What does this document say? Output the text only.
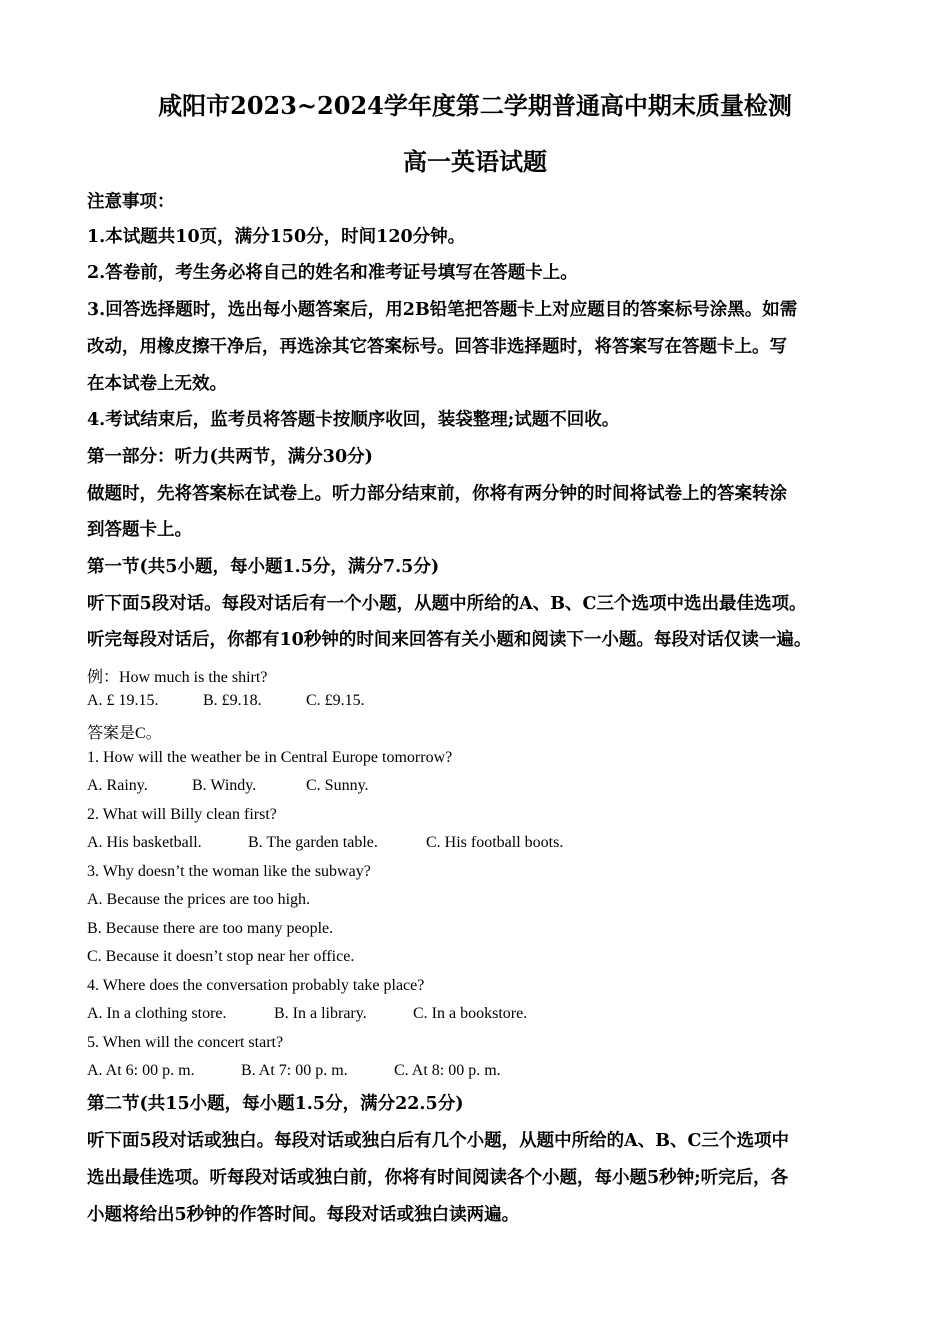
咸阳市2023~2024学年度第二学期普通高中期末质量检测
高一英语试题
注意事项：
1.本试题共10页，满分150分，时间120分钟。
2.答卷前，考生务必将自己的姓名和准考证号填写在答题卡上。
3.回答选择题时，选出每小题答案后，用2B铅笔把答题卡上对应题目的答案标号涂黑。如需
改动，用橡皮擦干净后，再选涂其它答案标号。回答非选择题时，将答案写在答题卡上。写
在本试卷上无效。
4.考试结束后，监考员将答题卡按顺序收回，装袋整理;试题不回收。
第一部分：听力(共两节，满分30分)
做题时，先将答案标在试卷上。听力部分结束前，你将有两分钟的时间将试卷上的答案转涂
到答题卡上。
第一节(共5小题，每小题1.5分，满分7.5分)
听下面5段对话。每段对话后有一个小题，从题中所给的A、B、C三个选项中选出最佳选项。
听完每段对话后，你都有10秒钟的时间来回答有关小题和阅读下一小题。每段对话仅读一遍。
例：How much is the shirt?
A. £ 19.15.	B. £9.18.	C. £9.15.
答案是C。
1. How will the weather be in Central Europe tomorrow?
A. Rainy.	B. Windy.	C. Sunny.
2. What will Billy clean first?
A. His basketball.	B. The garden table.	C. His football boots.
3. Why doesn’t the woman like the subway?
A. Because the prices are too high.
B. Because there are too many people.
C. Because it doesn’t stop near her office.
4. Where does the conversation probably take place?
A. In a clothing store.	B. In a library.	C. In a bookstore.
5. When will the concert start?
A. At 6: 00 p. m.	B. At 7: 00 p. m.	C. At 8: 00 p. m.
第二节(共15小题，每小题1.5分，满分22.5分)
听下面5段对话或独白。每段对话或独白后有几个小题，从题中所给的A、B、C三个选项中
选出最佳选项。听每段对话或独白前，你将有时间阅读各个小题，每小题5秒钟;听完后，各
小题将给出5秒钟的作答时间。每段对话或独白读两遍。
